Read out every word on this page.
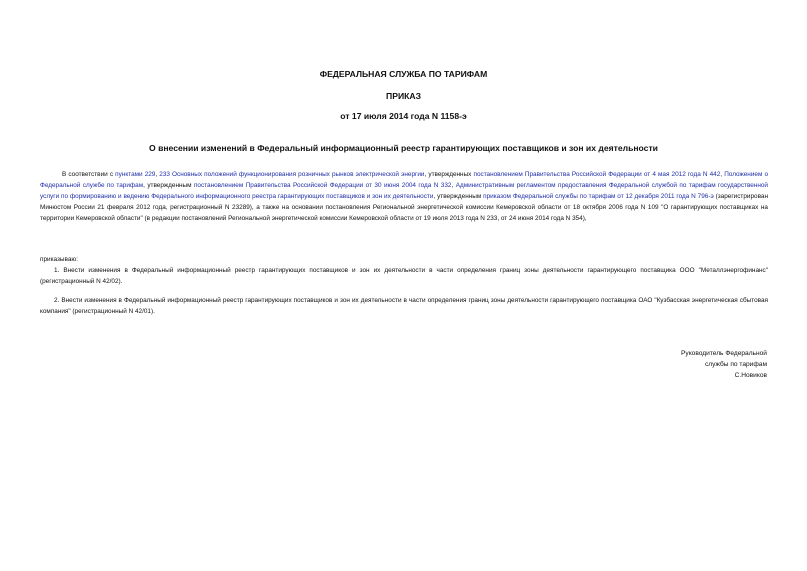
ФЕДЕРАЛЬНАЯ СЛУЖБА ПО ТАРИФАМ
ПРИКАЗ
от 17 июля 2014 года N 1158-э
О внесении изменений в Федеральный информационный реестр гарантирующих поставщиков и зон их деятельности

В соответствии с пунктами 229, 233 Основных положений функционирования розничных рынков электрической энергии, утвержденных постановлением Правительства Российской Федерации от 4 мая 2012 года N 442, Положением о Федеральной службе по тарифам, утвержденным постановлением Правительства Российской Федерации от 30 июня 2004 года N 332, Административным регламентом предоставления Федеральной службой по тарифам государственной услуги по формированию и ведению Федерального информационного реестра гарантирующих поставщиков и зон их деятельности, утвержденным приказом Федеральной службы по тарифам от 12 декабря 2011 года N 796-э (зарегистрирован Минюстом России 21 февраля 2012 года, регистрационный N 23289), а также на основании постановления Региональной энергетической комиссии Кемеровской области от 18 октября 2006 года N 109 "О гарантирующих поставщиках на территории Кемеровской области" (в редакции постановлений Региональной энергетической комиссии Кемеровской области от 19 июля 2013 года N 233, от 24 июня 2014 года N 354),

приказываю:

1. Внести изменения в Федеральный информационный реестр гарантирующих поставщиков и зон их деятельности в части определения границ зоны деятельности гарантирующего поставщика ООО "Металлэнергофинанс" (регистрационный N 42/02).

2. Внести изменения в Федеральный информационный реестр гарантирующих поставщиков и зон их деятельности в части определения границ зоны деятельности гарантирующего поставщика ОАО "Кузбасская энергетическая сбытовая компания" (регистрационный N 42/01).

Руководитель Федеральной
службы по тарифам
С.Новиков
